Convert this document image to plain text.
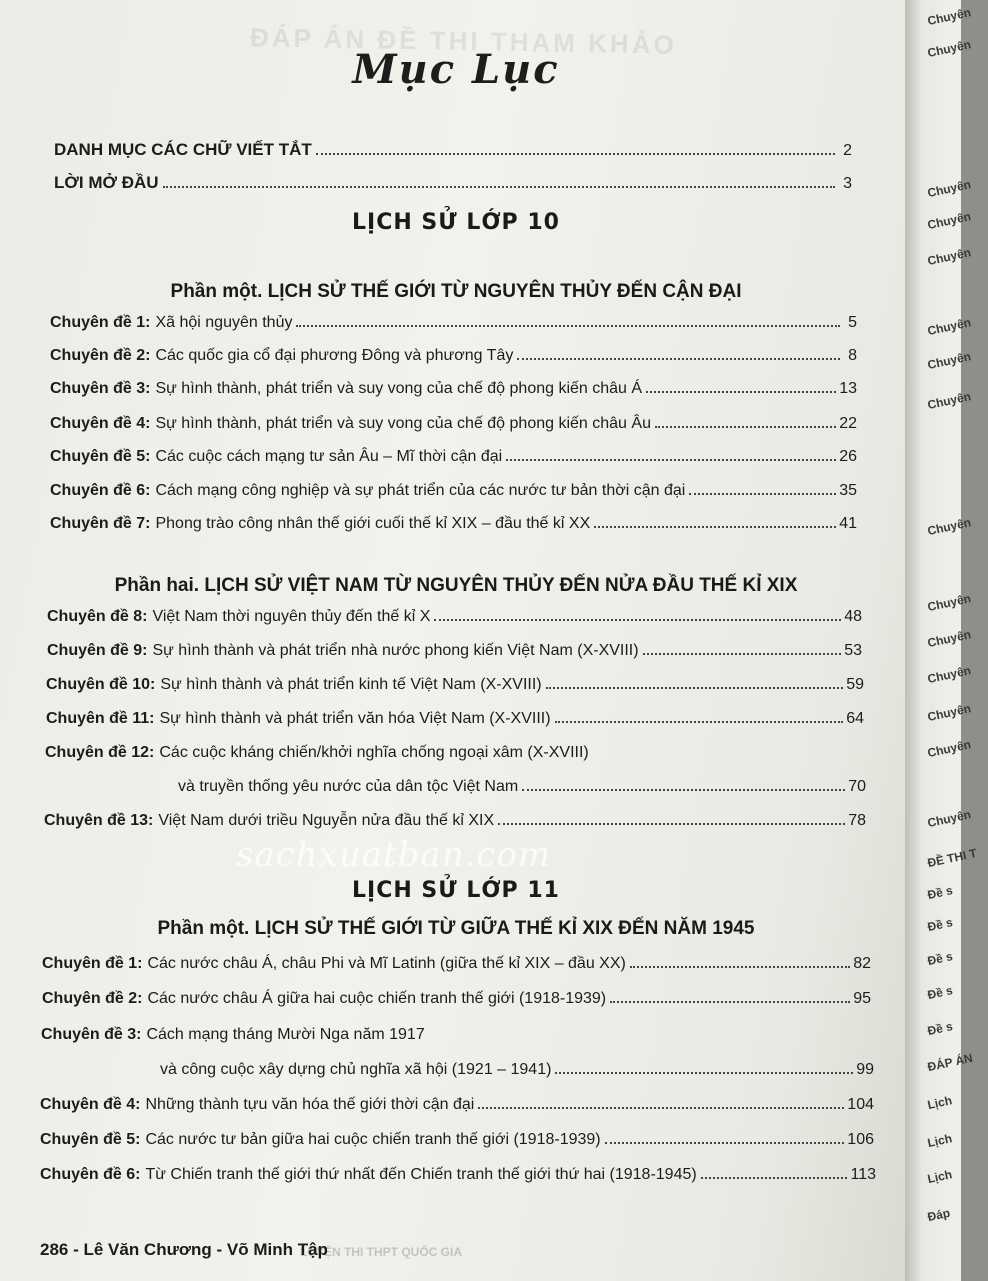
ĐÁP ÁN ĐỀ THI THAM KHẢO
LUYỆN THI THPT QUỐC GIA
Mục Lục
DANH MỤC CÁC CHỮ VIẾT TẮT	2
LỜI MỞ ĐẦU	3
LỊCH SỬ LỚP 10
Phần một. LỊCH SỬ THẾ GIỚI TỪ NGUYÊN THỦY ĐẾN CẬN ĐẠI
Chuyên đề 1: Xã hội nguyên thủy	5
Chuyên đề 2: Các quốc gia cổ đại phương Đông và phương Tây	8
Chuyên đề 3: Sự hình thành, phát triển và suy vong của chế độ phong kiến châu Á	13
Chuyên đề 4: Sự hình thành, phát triển và suy vong của chế độ phong kiến châu Âu	22
Chuyên đề 5: Các cuộc cách mạng tư sản Âu – Mĩ thời cận đại	26
Chuyên đề 6: Cách mạng công nghiệp và sự phát triển của các nước tư bản thời cận đại	35
Chuyên đề 7: Phong trào công nhân thế giới cuối thế kỉ XIX – đầu thế kỉ XX	41
Phần hai. LỊCH SỬ VIỆT NAM TỪ NGUYÊN THỦY ĐẾN NỬA ĐẦU THẾ KỈ XIX
Chuyên đề 8: Việt Nam thời nguyên thủy đến thế kỉ X	48
Chuyên đề 9: Sự hình thành và phát triển nhà nước phong kiến Việt Nam (X-XVIII)	53
Chuyên đề 10: Sự hình thành và phát triển kinh tế Việt Nam (X-XVIII)	59
Chuyên đề 11: Sự hình thành và phát triển văn hóa Việt Nam (X-XVIII)	64
Chuyên đề 12: Các cuộc kháng chiến/khởi nghĩa chống ngoại xâm (X-XVIII)
và truyền thống yêu nước của dân tộc Việt Nam	70
Chuyên đề 13: Việt Nam dưới triều Nguyễn nửa đầu thế kỉ XIX	78
LỊCH SỬ LỚP 11
Phần một. LỊCH SỬ THẾ GIỚI TỪ GIỮA THẾ KỈ XIX ĐẾN NĂM 1945
Chuyên đề 1: Các nước châu Á, châu Phi và Mĩ Latinh (giữa thế kỉ XIX – đầu XX)	82
Chuyên đề 2: Các nước châu Á giữa hai cuộc chiến tranh thế giới (1918-1939)	95
Chuyên đề 3: Cách mạng tháng Mười Nga năm 1917
và công cuộc xây dựng chủ nghĩa xã hội (1921 – 1941)	99
Chuyên đề 4: Những thành tựu văn hóa thế giới thời cận đại	104
Chuyên đề 5: Các nước tư bản giữa hai cuộc chiến tranh thế giới (1918-1939)	106
Chuyên đề 6: Từ Chiến tranh thế giới thứ nhất đến Chiến tranh thế giới thứ hai (1918-1945)	113
sachxuatban.com
286 - Lê Văn Chương - Võ Minh Tập
Chuyên
Chuyên
Chuyên
Chuyên
Chuyên
Chuyên
Chuyên
Chuyên
Chuyên
Chuyên
Chuyên
Chuyên
Chuyên
Chuyên
Chuyên
ĐỀ THI T
Đề s
Đề s
Đề s
Đề s
Đề s
ĐÁP ÁN
Lịch
Lịch
Lịch
Đáp
